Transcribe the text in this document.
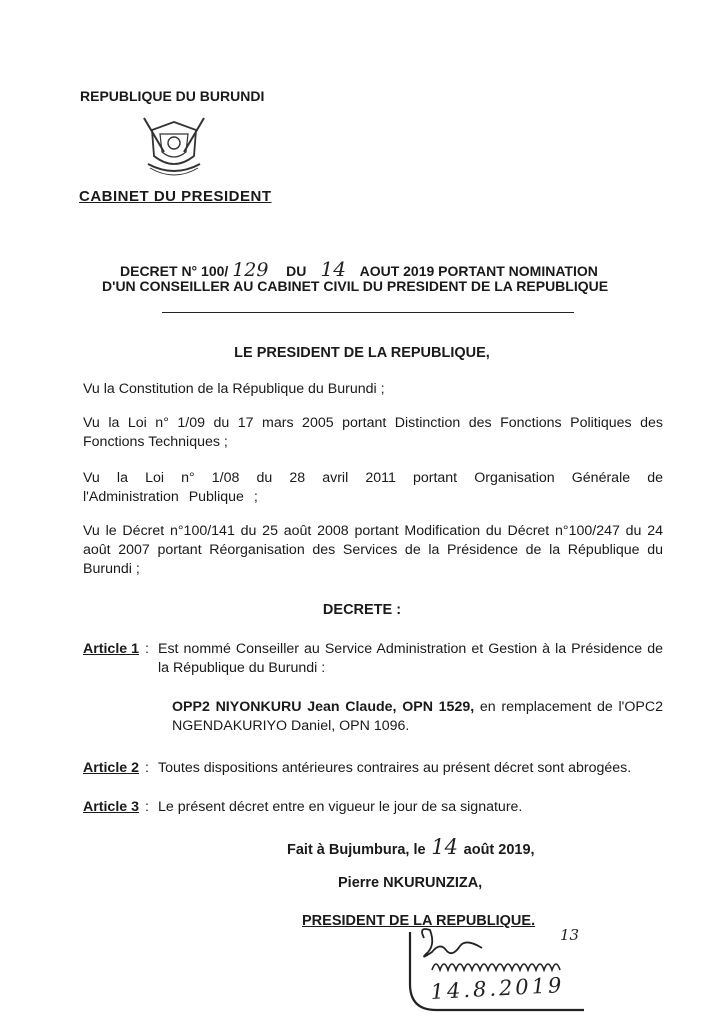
REPUBLIQUE DU BURUNDI
CABINET DU PRESIDENT
DECRET N° 100/ 129 DU 14 AOUT 2019 PORTANT NOMINATION
D'UN CONSEILLER AU CABINET CIVIL DU PRESIDENT DE LA REPUBLIQUE
LE PRESIDENT DE LA REPUBLIQUE,
Vu la Constitution de la République du Burundi ;
Vu la Loi n° 1/09 du 17 mars 2005 portant Distinction des Fonctions Politiques des Fonctions Techniques ;
Vu la Loi n° 1/08 du 28 avril 2011 portant Organisation Générale de l'Administration Publique ;
Vu le Décret n°100/141 du 25 août 2008 portant Modification du Décret n°100/247 du 24 août 2007 portant Réorganisation des Services de la Présidence de la République du Burundi ;
DECRETE :
Article 1 : Est nommé Conseiller au Service Administration et Gestion à la Présidence de la République du Burundi :
OPP2 NIYONKURU Jean Claude, OPN 1529, en remplacement de l'OPC2 NGENDAKURIYO Daniel, OPN 1096.
Article 2 : Toutes dispositions antérieures contraires au présent décret sont abrogées.
Article 3 : Le présent décret entre en vigueur le jour de sa signature.
Fait à Bujumbura, le 14 août 2019,
Pierre NKURUNZIZA,
PRESIDENT DE LA REPUBLIQUE.
13
14.8.2019
